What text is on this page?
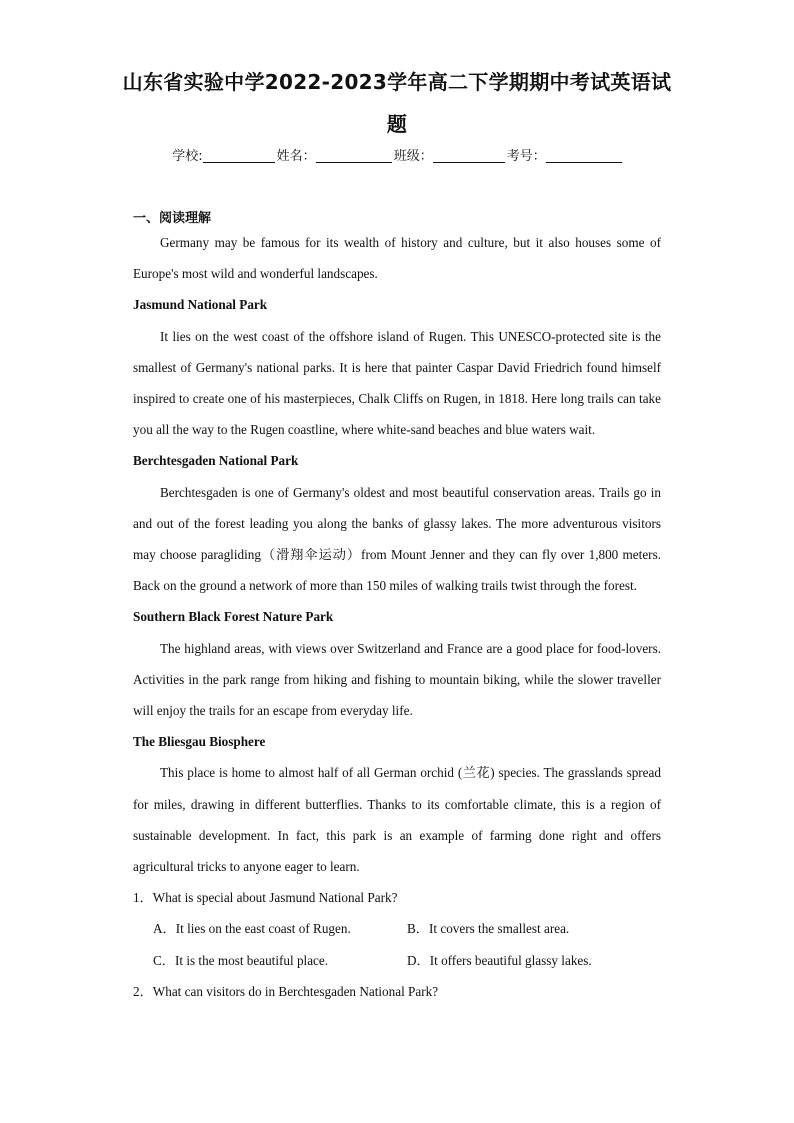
山东省实验中学2022-2023学年高二下学期期中考试英语试
题
学校:	姓名：	班级：	考号：
一、阅读理解

Germany may be famous for its wealth of history and culture, but it also houses some of Europe's most wild and wonderful landscapes.

Jasmund National Park

It lies on the west coast of the offshore island of Rugen. This UNESCO-protected site is the smallest of Germany's national parks. It is here that painter Caspar David Friedrich found himself inspired to create one of his masterpieces, Chalk Cliffs on Rugen, in 1818. Here long trails can take you all the way to the Rugen coastline, where white-sand beaches and blue waters wait.

Berchtesgaden National Park

Berchtesgaden is one of Germany's oldest and most beautiful conservation areas. Trails go in and out of the forest leading you along the banks of glassy lakes. The more adventurous visitors may choose paragliding（滑翔伞运动）from Mount Jenner and they can fly over 1,800 meters. Back on the ground a network of more than 150 miles of walking trails twist through the forest.

Southern Black Forest Nature Park

The highland areas, with views over Switzerland and France are a good place for food-lovers. Activities in the park range from hiking and fishing to mountain biking, while the slower traveller will enjoy the trails for an escape from everyday life.

The Bliesgau Biosphere

This place is home to almost half of all German orchid (兰花) species. The grasslands spread for miles, drawing in different butterflies. Thanks to its comfortable climate, this is a region of sustainable development. In fact, this park is an example of farming done right and offers agricultural tricks to anyone eager to learn.

1．What is special about Jasmund National Park?

A．It lies on the east coast of Rugen.	B．It covers the smallest area.
C．It is the most beautiful place.	D．It offers beautiful glassy lakes.

2．What can visitors do in Berchtesgaden National Park?
